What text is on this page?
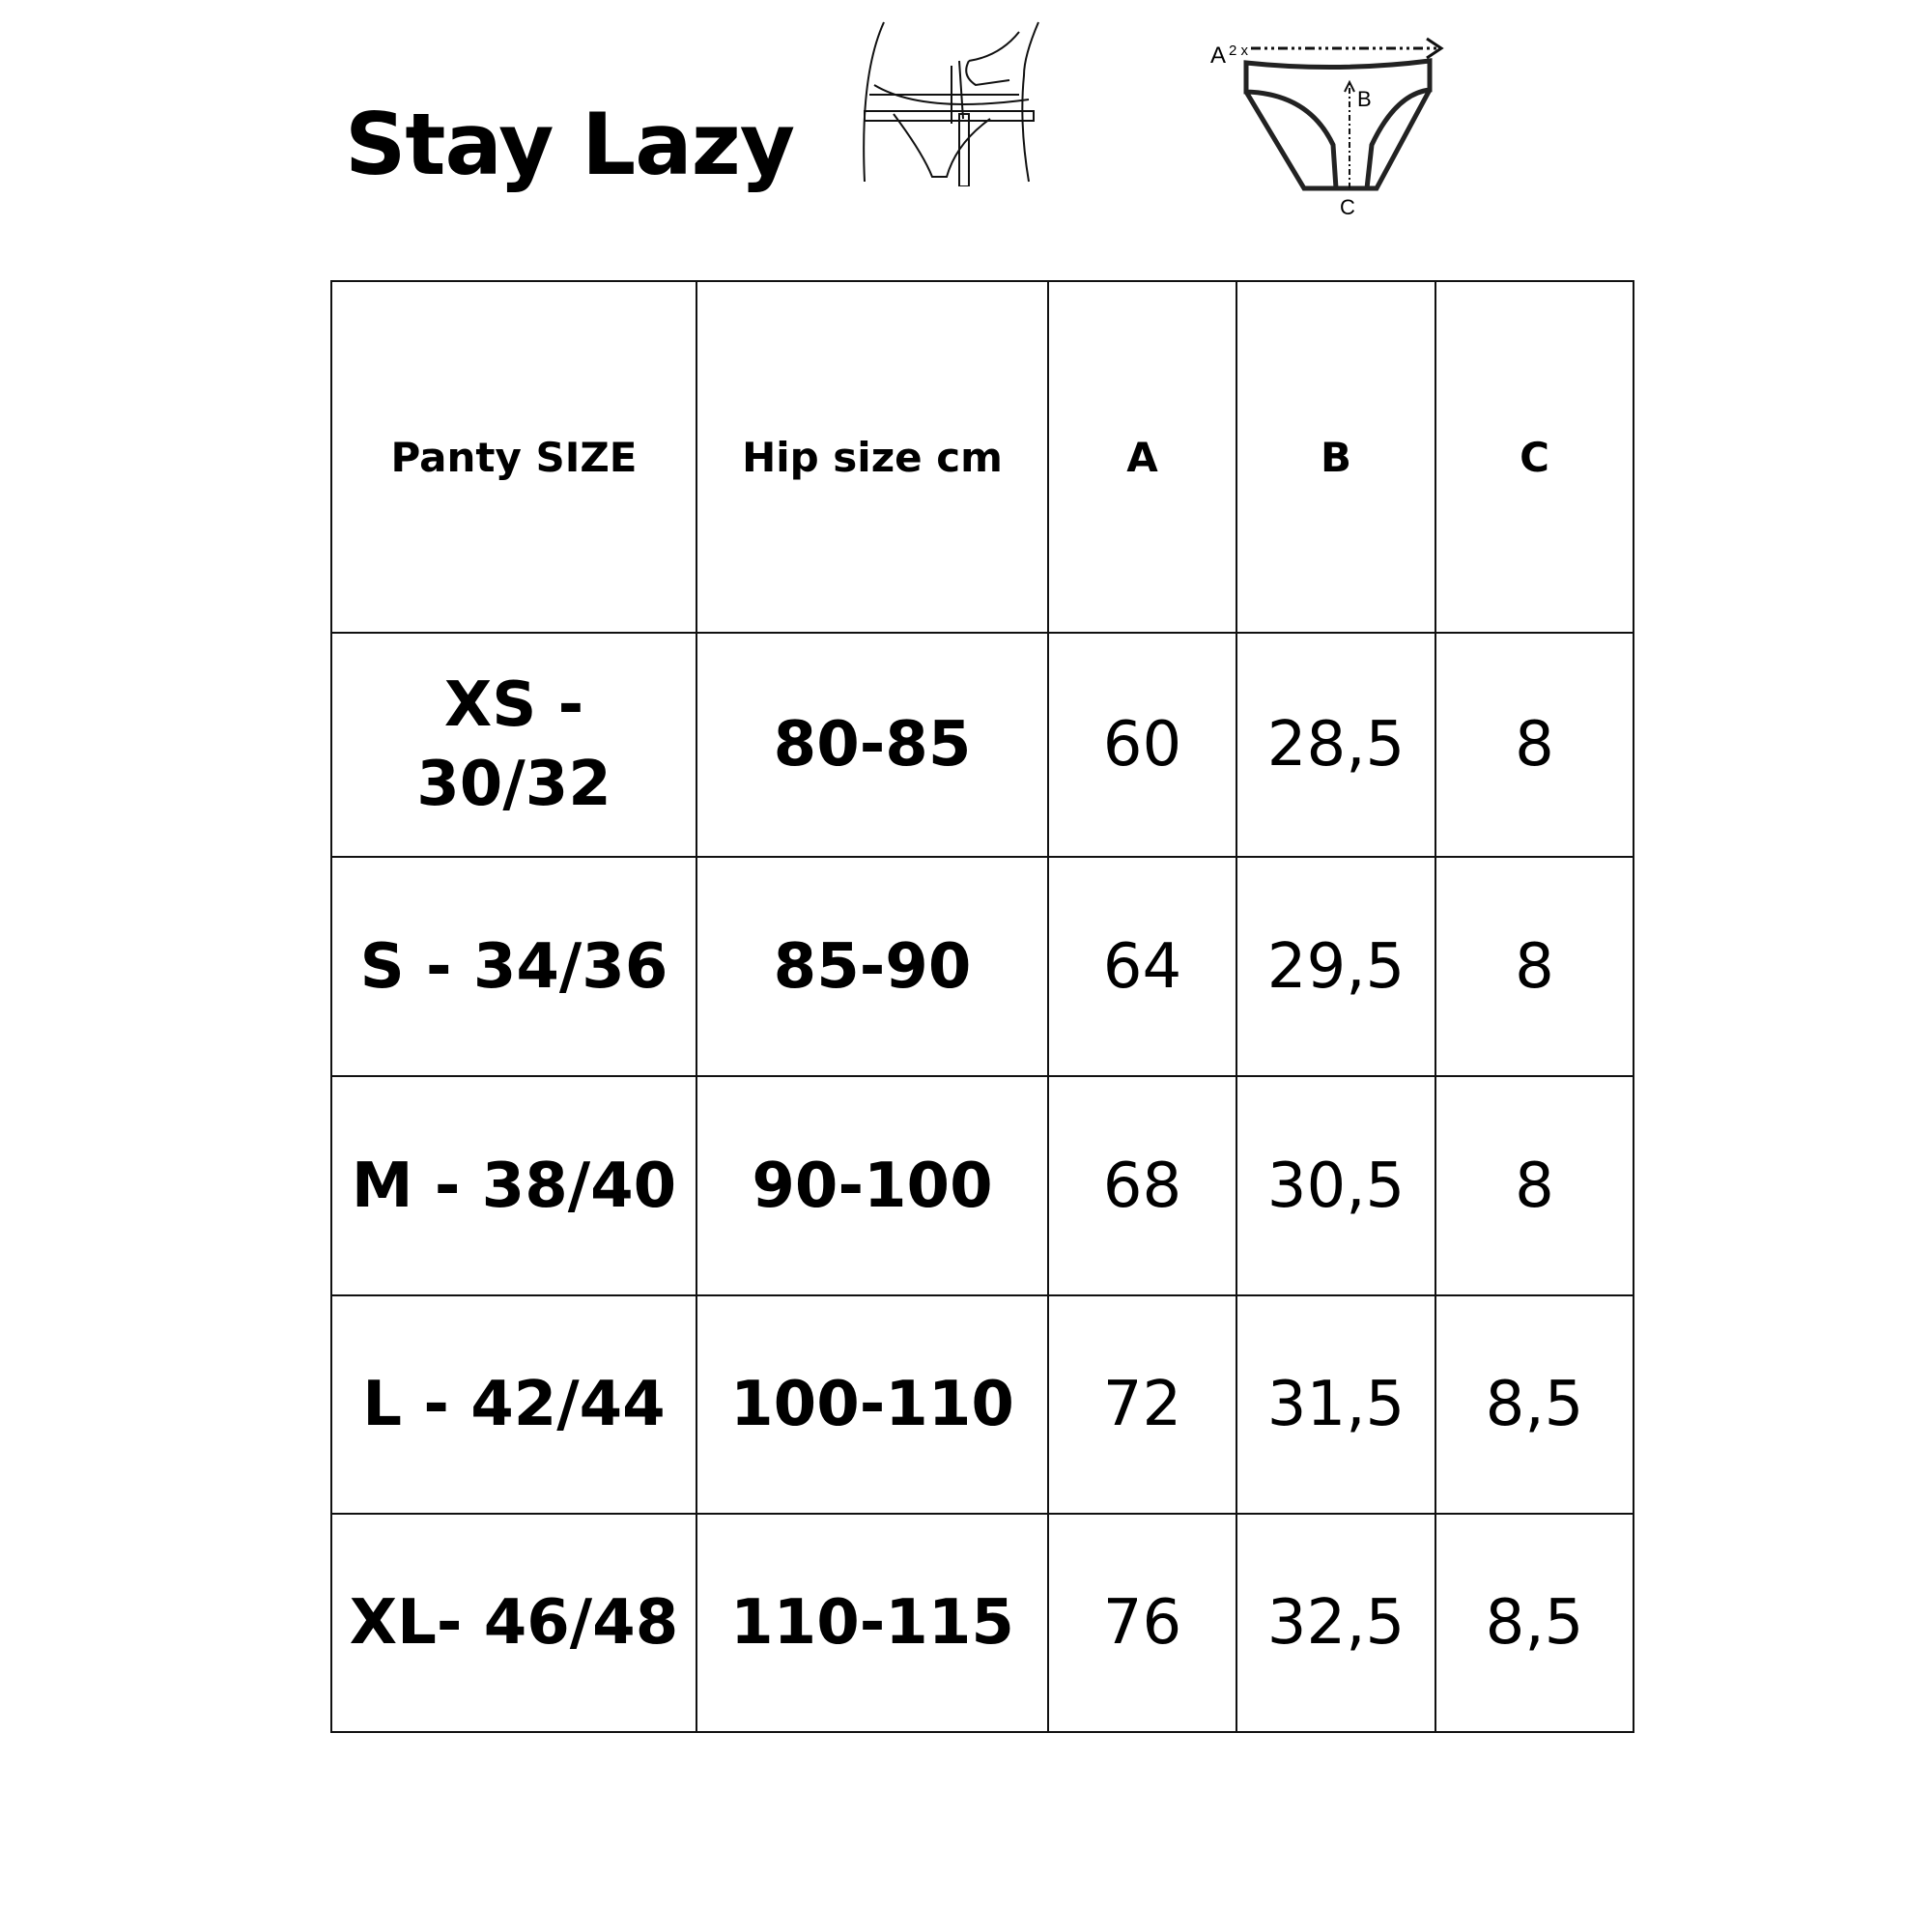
Stay Lazy
A 2 x
B
C
Panty SIZE	Hip size cm	A	B	C
XS -
30/32	80-85	60	28,5	8
S - 34/36	85-90	64	29,5	8
M - 38/40	90-100	68	30,5	8
L - 42/44	100-110	72	31,5	8,5
XL- 46/48	110-115	76	32,5	8,5
